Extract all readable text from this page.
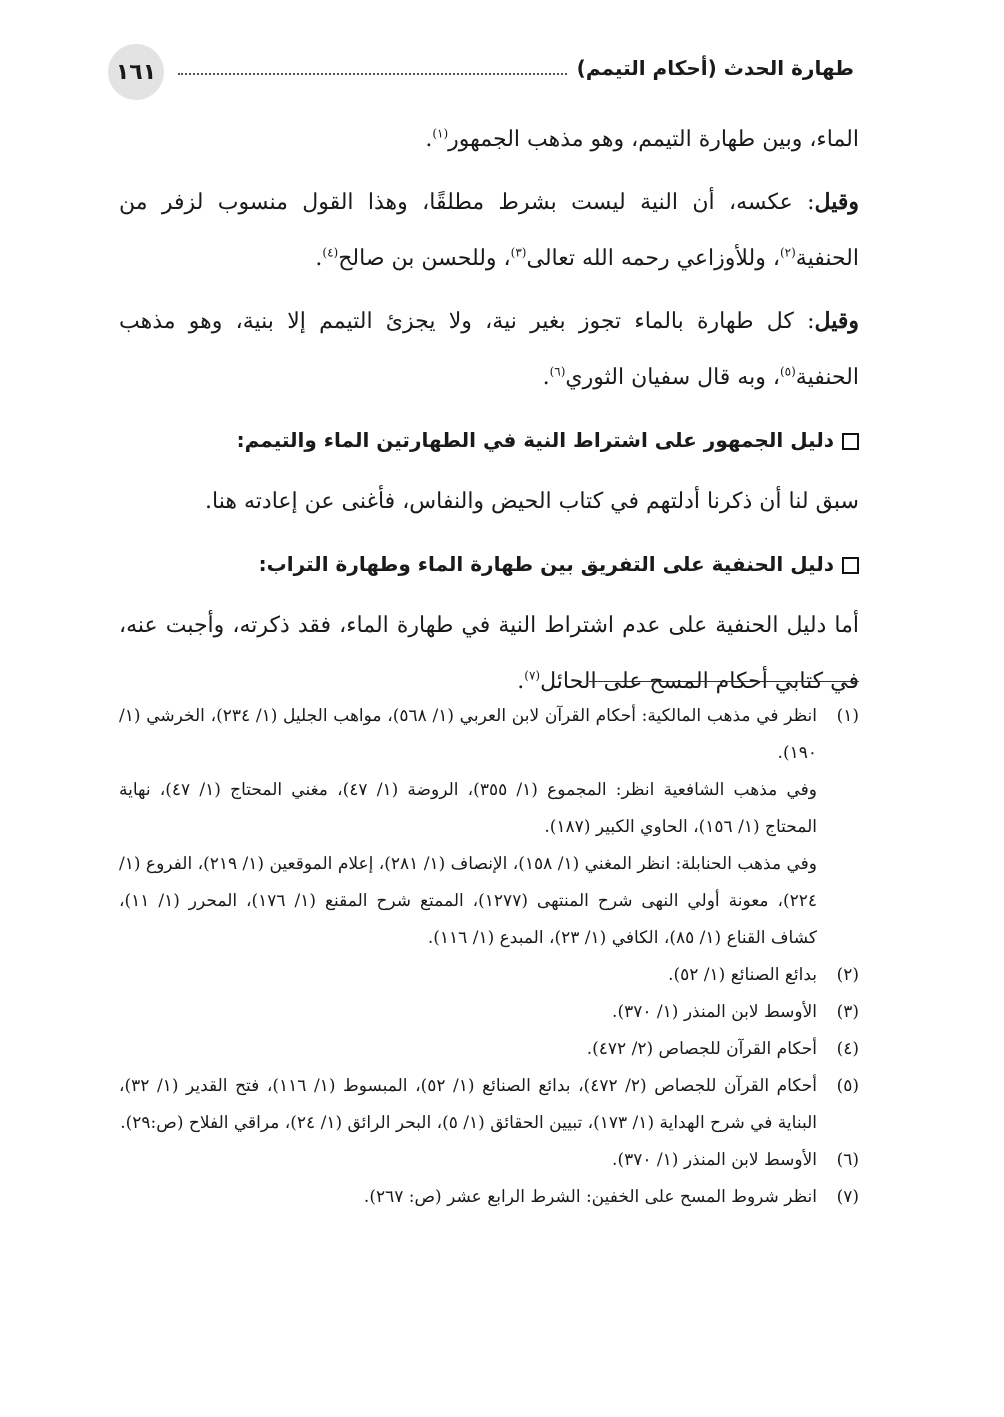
١٦١	طهارة الحدث (أحكام التيمم)

الماء، وبين طهارة التيمم، وهو مذهب الجمهور$^{(١)}$.

وقيل: عكسه، أن النية ليست بشرط مطلقًا، وهذا القول منسوب لزفر من الحنفية$^{(٢)}$، وللأوزاعي رحمه الله تعالى$^{(٣)}$، وللحسن بن صالح$^{(٤)}$.

وقيل: كل طهارة بالماء تجوز بغير نية، ولا يجزئ التيمم إلا بنية، وهو مذهب الحنفية$^{(٥)}$، وبه قال سفيان الثوري$^{(٦)}$.

دليل الجمهور على اشتراط النية في الطهارتين الماء والتيمم:

سبق لنا أن ذكرنا أدلتهم في كتاب الحيض والنفاس، فأغنى عن إعادته هنا.

دليل الحنفية على التفريق بين طهارة الماء وطهارة التراب:

أما دليل الحنفية على عدم اشتراط النية في طهارة الماء، فقد ذكرته، وأجبت عنه، في كتابي أحكام المسح على الحائل$^{(٧)}$.

(١)

انظر في مذهب المالكية: أحكام القرآن لابن العربي (١/ ٥٦٨)، مواهب الجليل (١/ ٢٣٤)، الخرشي (١/ ١٩٠).

وفي مذهب الشافعية انظر: المجموع (١/ ٣٥٥)، الروضة (١/ ٤٧)، مغني المحتاج (١/ ٤٧)، نهاية المحتاج (١/ ١٥٦)، الحاوي الكبير (١٨٧).

وفي مذهب الحنابلة: انظر المغني (١/ ١٥٨)، الإنصاف (١/ ٢٨١)، إعلام الموقعين (١/ ٢١٩)، الفروع (١/ ٢٢٤)، معونة أولي النهى شرح المنتهى (١٢٧٧)، الممتع شرح المقنع (١/ ١٧٦)، المحرر (١/ ١١)، كشاف القناع (١/ ٨٥)، الكافي (١/ ٢٣)، المبدع (١/ ١١٦).

(٢)

بدائع الصنائع (١/ ٥٢).

(٣)

الأوسط لابن المنذر (١/ ٣٧٠).

(٤)

أحكام القرآن للجصاص (٢/ ٤٧٢).

(٥)

أحكام القرآن للجصاص (٢/ ٤٧٢)، بدائع الصنائع (١/ ٥٢)، المبسوط (١/ ١١٦)، فتح القدير (١/ ٣٢)، البناية في شرح الهداية (١/ ١٧٣)، تبيين الحقائق (١/ ٥)، البحر الرائق (١/ ٢٤)، مراقي الفلاح (ص:٢٩).

(٦)

الأوسط لابن المنذر (١/ ٣٧٠).

(٧)

انظر شروط المسح على الخفين: الشرط الرابع عشر (ص: ٢٦٧).
